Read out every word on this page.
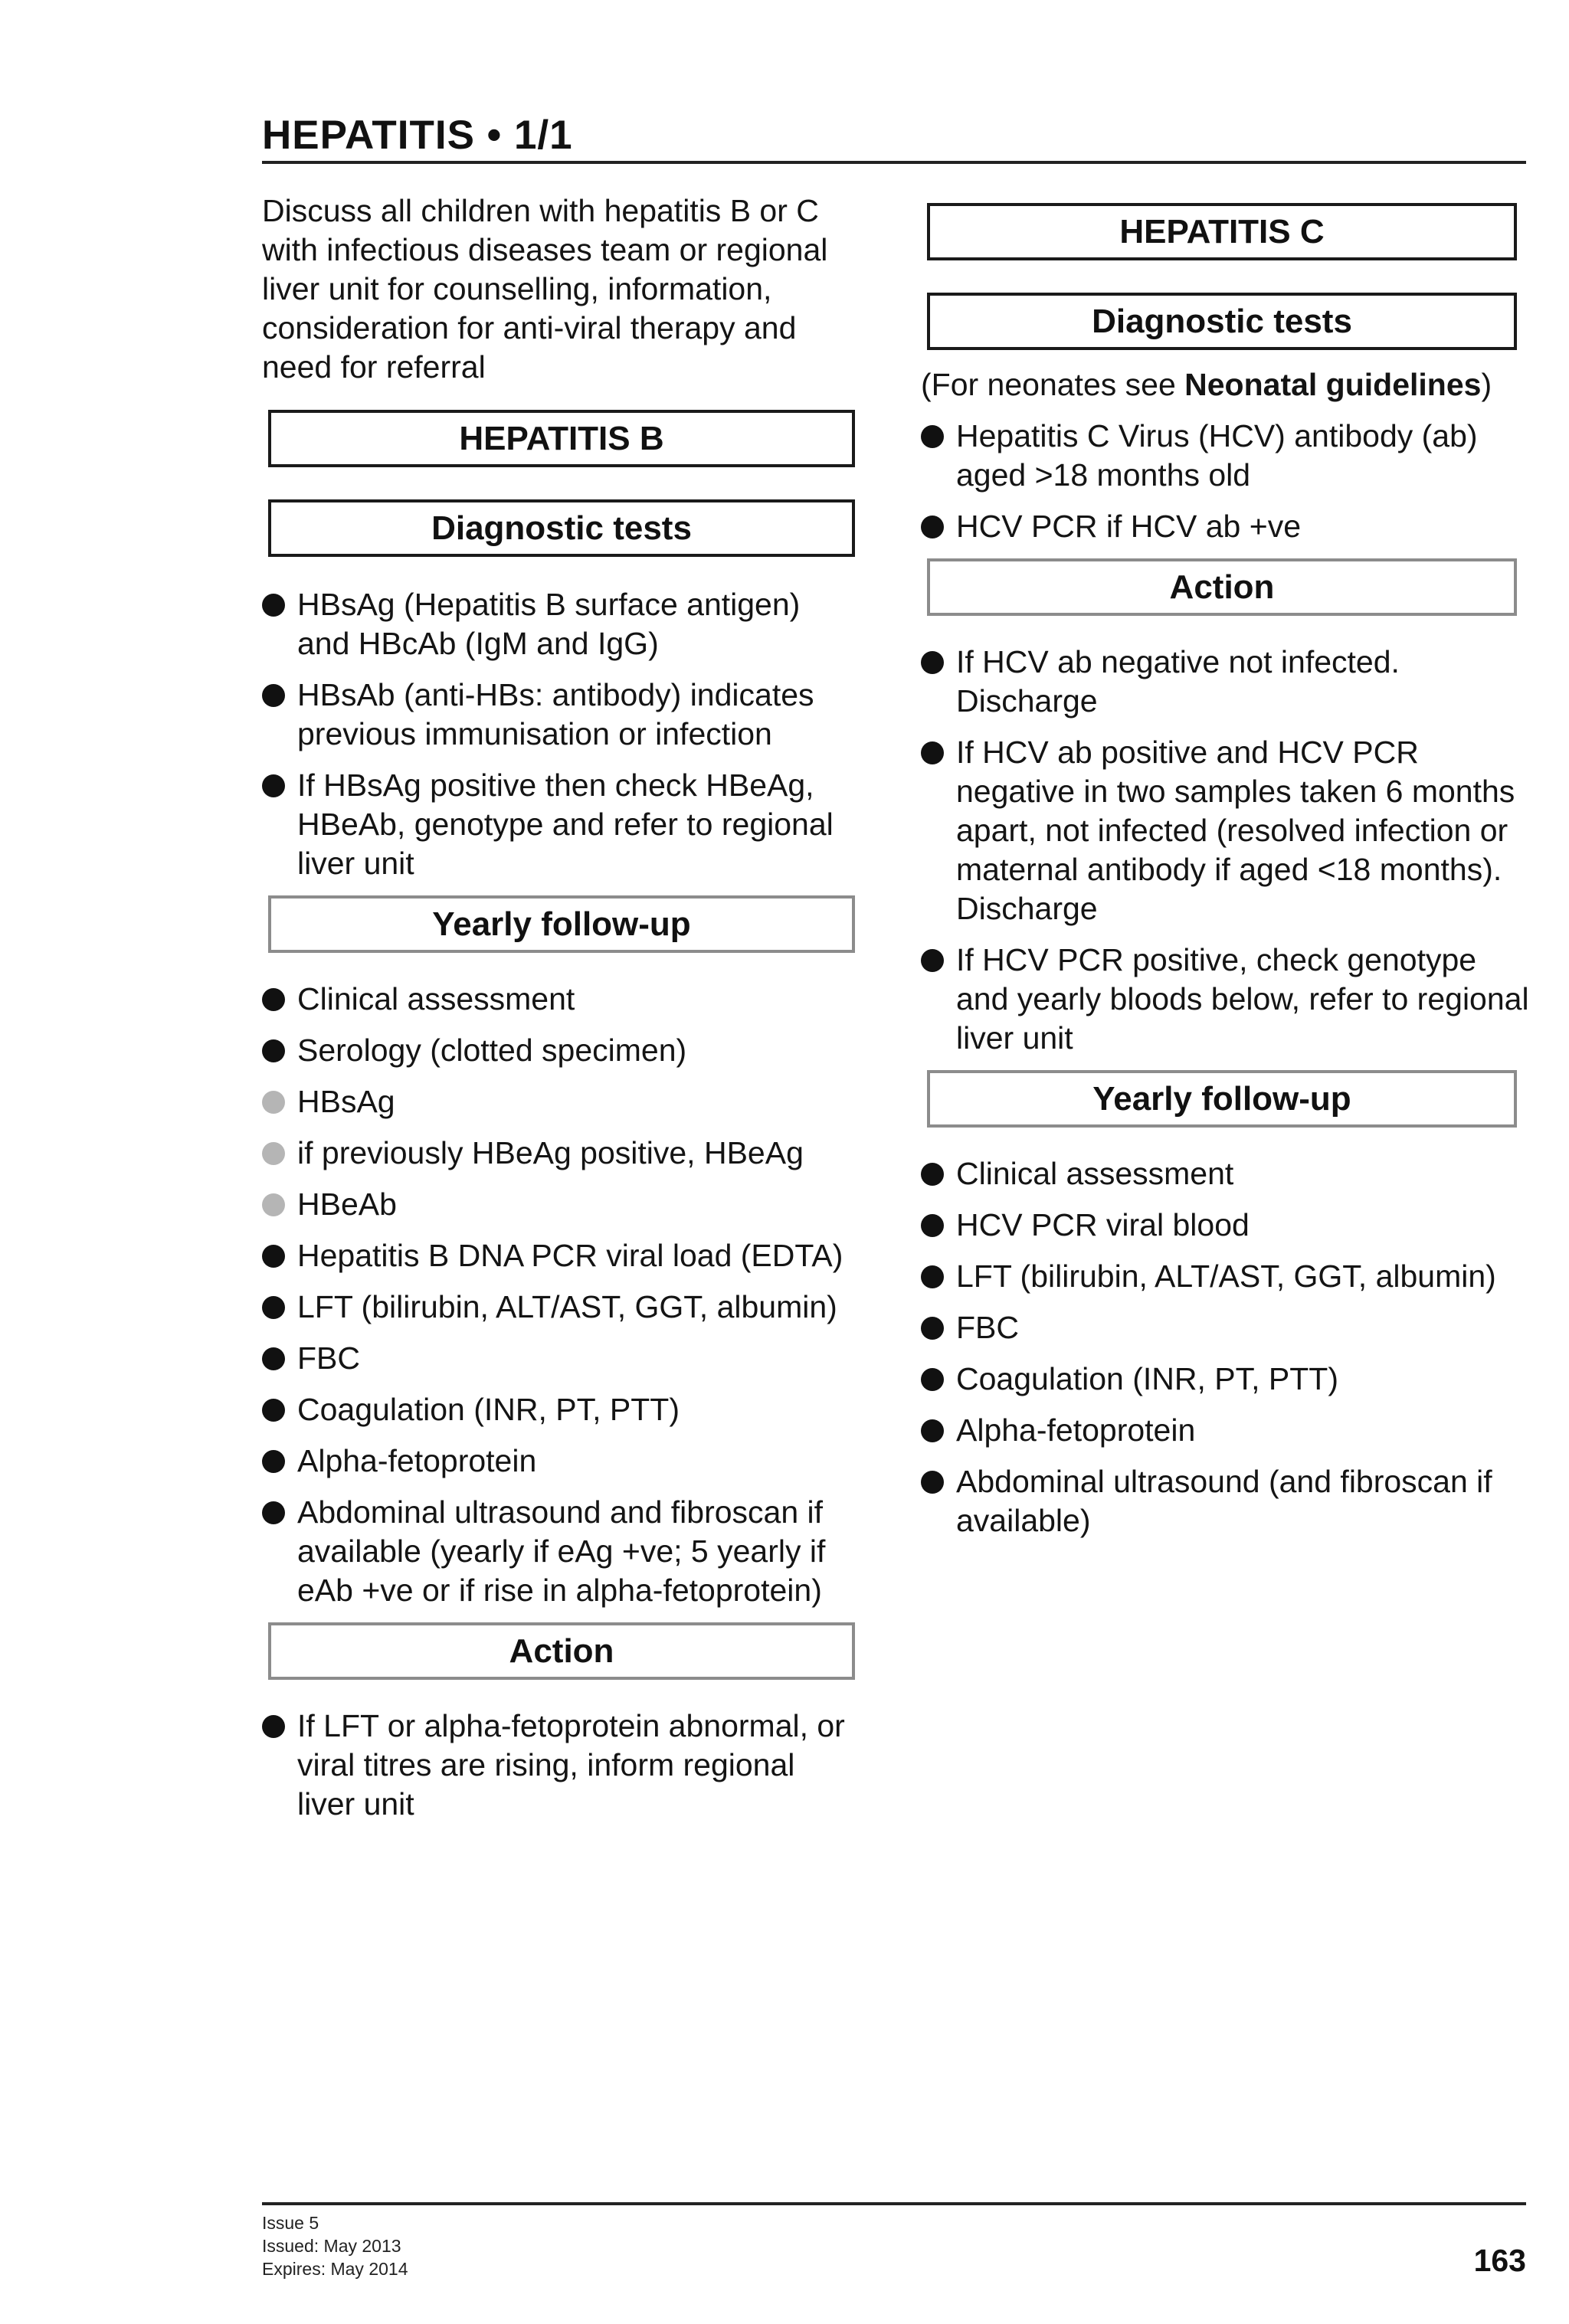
HEPATITIS • 1/1

Discuss all children with hepatitis B or C with infectious diseases team or regional liver unit for counselling, information, consideration for anti-viral therapy and need for referral

HEPATITIS B
Diagnostic tests
HBsAg (Hepatitis B surface antigen) and HBcAb (IgM and IgG)
HBsAb (anti-HBs: antibody) indicates previous immunisation or infection
If HBsAg positive then check HBeAg, HBeAb, genotype and refer to regional liver unit
Yearly follow-up
Clinical assessment
Serology (clotted specimen)
HBsAg
if previously HBeAg positive, HBeAg
HBeAb
Hepatitis B DNA PCR viral load (EDTA)
LFT (bilirubin, ALT/AST, GGT, albumin)
FBC
Coagulation (INR, PT, PTT)
Alpha-fetoprotein
Abdominal ultrasound and fibroscan if available (yearly if eAg +ve; 5 yearly if eAb +ve or if rise in alpha-fetoprotein)
Action
If LFT or alpha-fetoprotein abnormal, or viral titres are rising, inform regional liver unit
HEPATITIS C
Diagnostic tests

(For neonates see Neonatal guidelines)

Hepatitis C Virus (HCV) antibody (ab) aged >18 months old
HCV PCR if HCV ab +ve
Action
If HCV ab negative not infected. Discharge
If HCV ab positive and HCV PCR negative in two samples taken 6 months apart, not infected (resolved infection or maternal antibody if aged <18 months). Discharge
If HCV PCR positive, check genotype and yearly bloods below, refer to regional liver unit
Yearly follow-up
Clinical assessment
HCV PCR viral blood
LFT (bilirubin, ALT/AST, GGT, albumin)
FBC
Coagulation (INR, PT, PTT)
Alpha-fetoprotein
Abdominal ultrasound (and fibroscan if available)
Issue 5
Issued: May 2013
Expires: May 2014	163
